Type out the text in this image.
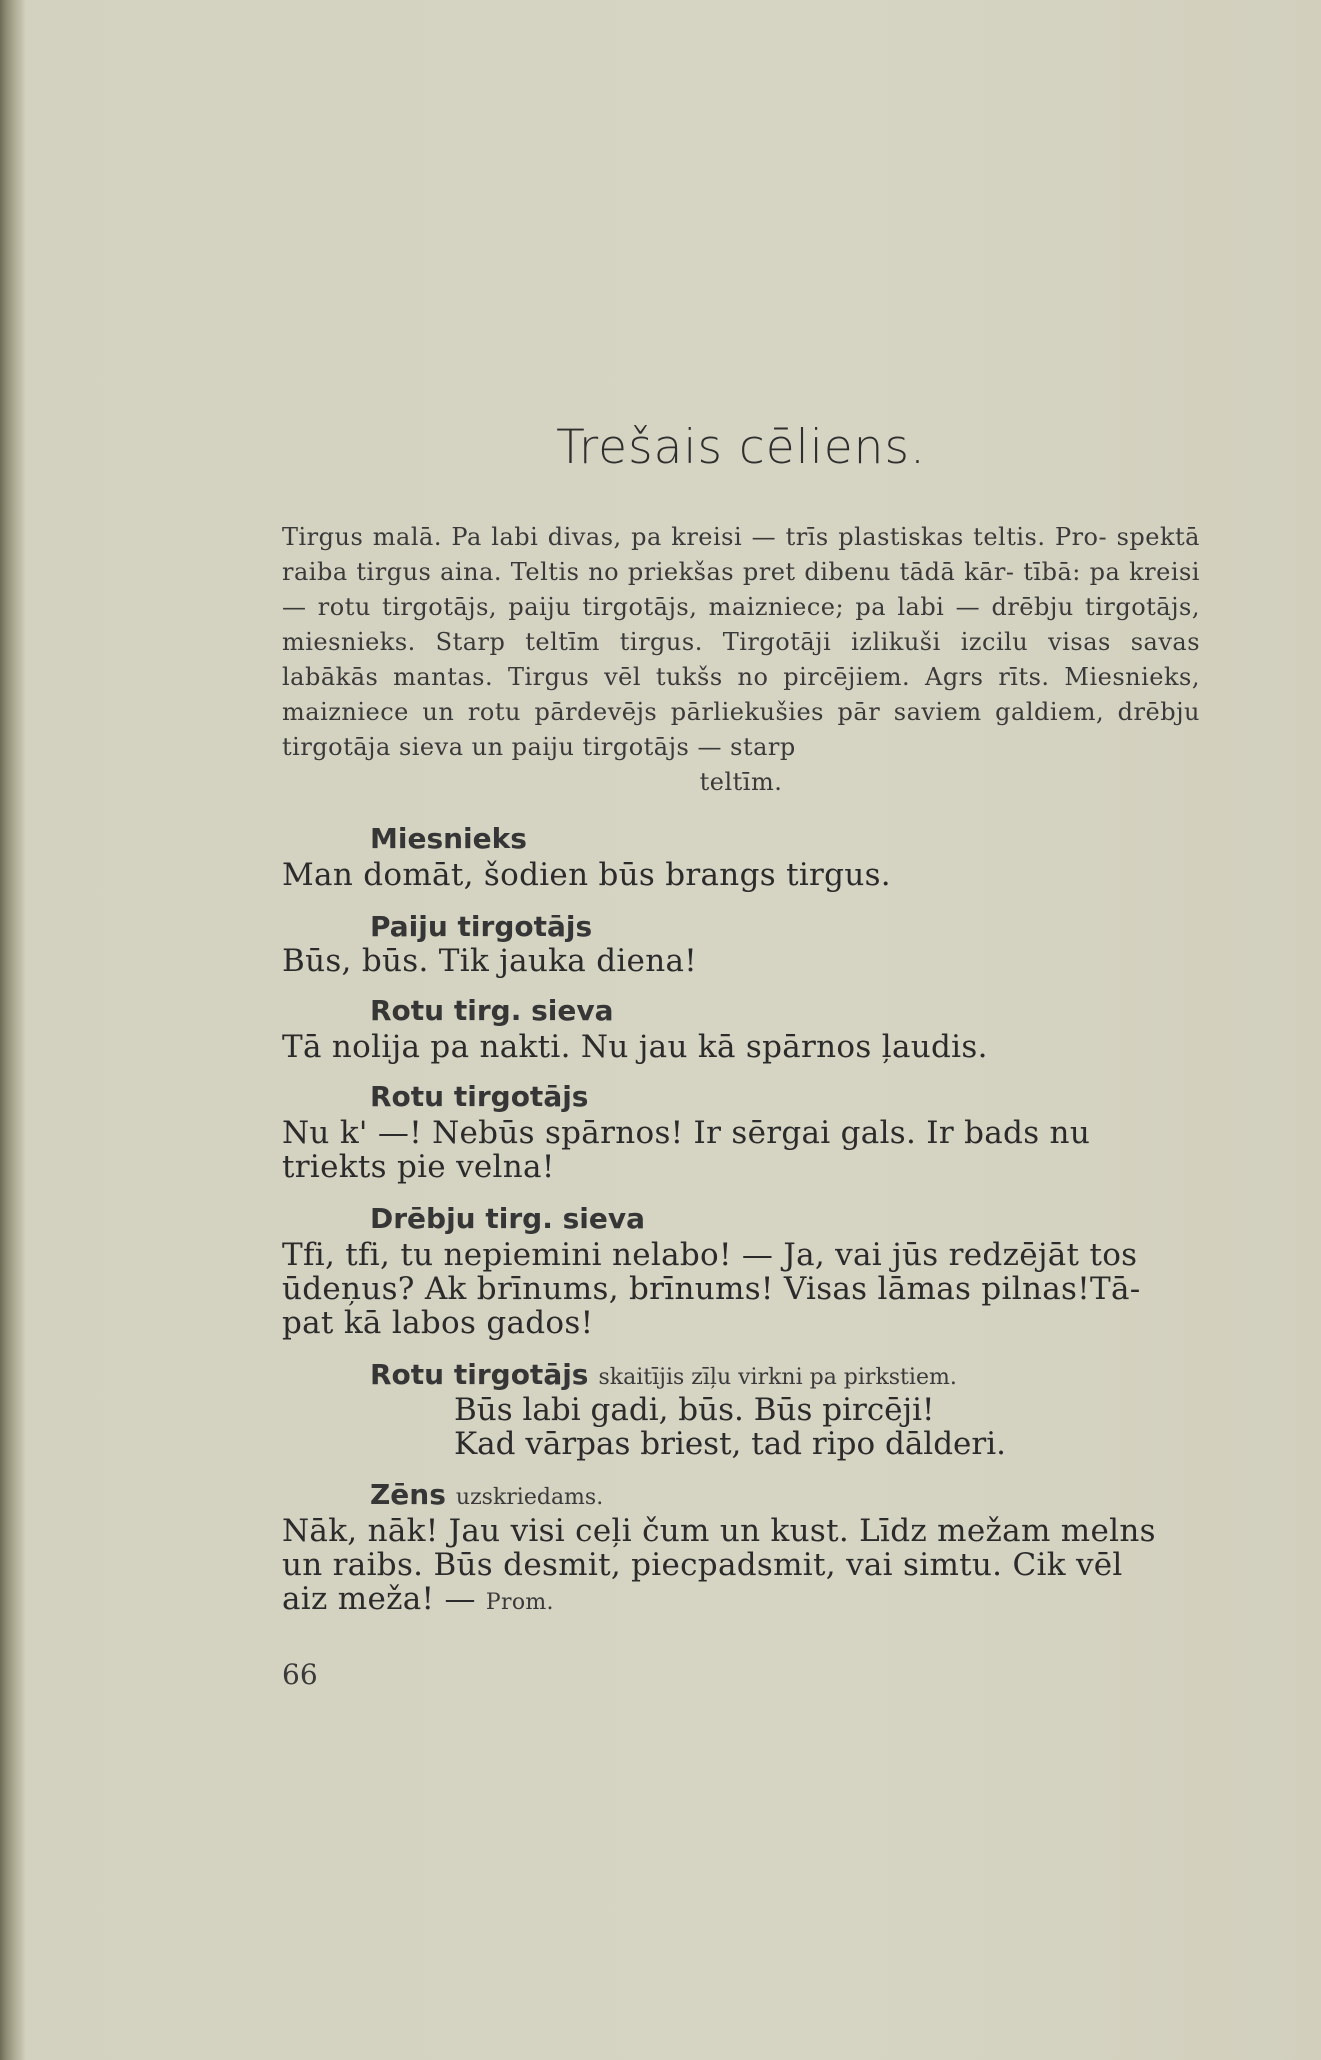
Trešais cēliens.
Tirgus malā. Pa labi divas, pa kreisi — trīs plastiskas teltis. Pro- spektā raiba tirgus aina. Teltis no priekšas pret dibenu tādā kār- tībā: pa kreisi — rotu tirgotājs, paiju tirgotājs, maizniece; pa labi — drēbju tirgotājs, miesnieks. Starp teltīm tirgus. Tirgotāji izlikuši izcilu visas savas labākās mantas. Tirgus vēl tukšs no pircējiem. Agrs rīts. Miesnieks, maizniece un rotu pārdevējs pārliekušies pār saviem galdiem, drēbju tirgotāja sieva un paiju tirgotājs — starp
teltīm.
Miesnieks
Man domāt, šodien būs brangs tirgus.
Paiju tirgotājs
Būs, būs. Tik jauka diena!
Rotu tirg. sieva
Tā nolija pa nakti. Nu jau kā spārnos ļaudis.
Rotu tirgotājs
Nu k' —! Nebūs spārnos! Ir sērgai gals. Ir bads nu
triekts pie velna!
Drēbju tirg. sieva
Tfi, tfi, tu nepiemini nelabo! — Ja, vai jūs redzējāt tos
ūdeņus? Ak brīnums, brīnums! Visas lāmas pilnas!Tā-
pat kā labos gados!
Rotu tirgotājs skaitījis zīļu virkni pa pirkstiem.
Būs labi gadi, būs. Būs pircēji!
Kad vārpas briest, tad ripo dālderi.
Zēns uzskriedams.
Nāk, nāk! Jau visi ceļi čum un kust. Līdz mežam melns
un raibs. Būs desmit, piecpadsmit, vai simtu. Cik vēl
aiz meža! — Prom.
66
